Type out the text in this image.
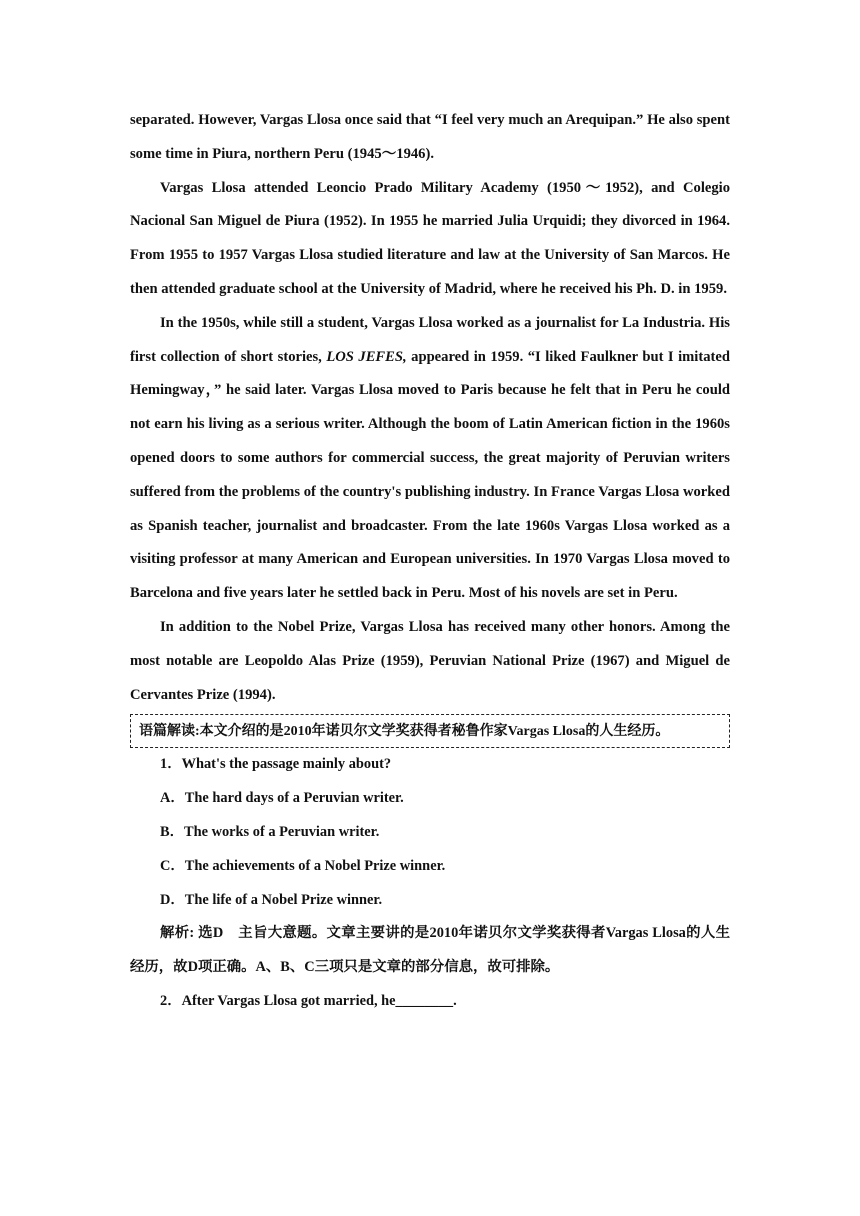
separated. However, Vargas Llosa once said that “I feel very much an Arequipan.” He also spent some time in Piura, northern Peru (1945～1946).

Vargas Llosa attended Leoncio Prado Military Academy (1950～1952), and Colegio Nacional San Miguel de Piura (1952). In 1955 he married Julia Urquidi; they divorced in 1964. From 1955 to 1957 Vargas Llosa studied literature and law at the University of San Marcos. He then attended graduate school at the University of Madrid, where he received his Ph. D. in 1959.

In the 1950s, while still a student, Vargas Llosa worked as a journalist for La Industria. His first collection of short stories, LOS JEFES, appeared in 1959. “I liked Faulkner but I imitated Hemingway，” he said later. Vargas Llosa moved to Paris because he felt that in Peru he could not earn his living as a serious writer. Although the boom of Latin American fiction in the 1960s opened doors to some authors for commercial success, the great majority of Peruvian writers suffered from the problems of the country's publishing industry. In France Vargas Llosa worked as Spanish teacher, journalist and broadcaster. From the late 1960s Vargas Llosa worked as a visiting professor at many American and European universities. In 1970 Vargas Llosa moved to Barcelona and five years later he settled back in Peru. Most of his novels are set in Peru.

In addition to the Nobel Prize, Vargas Llosa has received many other honors. Among the most notable are Leopoldo Alas Prize (1959), Peruvian National Prize (1967) and Miguel de Cervantes Prize (1994).

语篇解读:本文介绍的是2010年诺贝尔文学奖获得者秘鲁作家Vargas Llosa的人生经历。

1．What's the passage mainly about?

A．The hard days of a Peruvian writer.

B．The works of a Peruvian writer.

C．The achievements of a Nobel Prize winner.

D．The life of a Nobel Prize winner.

解析: 选D　主旨大意题。文章主要讲的是2010年诺贝尔文学奖获得者Vargas Llosa的人生经历，故D项正确。A、B、C三项只是文章的部分信息，故可排除。

2．After Vargas Llosa got married, he________.
